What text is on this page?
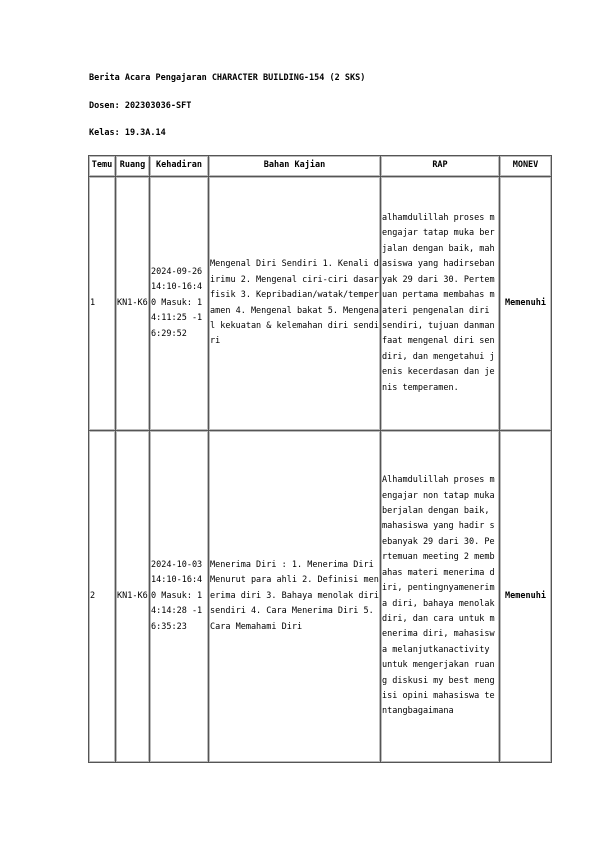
Berita Acara Pengajaran CHARACTER BUILDING-154 (2 SKS)
Dosen: 202303036-SFT
Kelas: 19.3A.14
Temu	Ruang	Kehadiran	Bahan Kajian	RAP	MONEV
1	KN1-K6	2024-09-26 14:10-16:40 Masuk: 14:11:25 -16:29:52	Mengenal Diri Sendiri 1. Kenali dirimu 2. Mengenal ciri-ciri dasar fisik 3. Kepribadian/watak/temperamen 4. Mengenal bakat 5. Mengenal kekuatan & kelemahan diri sendiri	alhamdulillah proses mengajar tatap muka berjalan dengan baik, mahasiswa yang hadirsebanyak 29 dari 30. Pertemuan pertama membahas materi pengenalan diri sendiri, tujuan danmanfaat mengenal diri sendiri, dan mengetahui jenis kecerdasan dan jenis temperamen.	Memenuhi
2	KN1-K6	2024-10-03 14:10-16:40 Masuk: 14:14:28 -16:35:23	Menerima Diri : 1. Menerima Diri Menurut para ahli 2. Definisi menerima diri 3. Bahaya menolak diri sendiri 4. Cara Menerima Diri 5. Cara Memahami Diri	Alhamdulillah proses mengajar non tatap muka berjalan dengan baik, mahasiswa yang hadir sebanyak 29 dari 30. Pertemuan meeting 2 membahas materi menerima diri, pentingnyamenerima diri, bahaya menolak diri, dan cara untuk menerima diri, mahasiswa melanjutkanactivity untuk mengerjakan ruang diskusi my best mengisi opini mahasiswa tentangbagaimana	Memenuhi
